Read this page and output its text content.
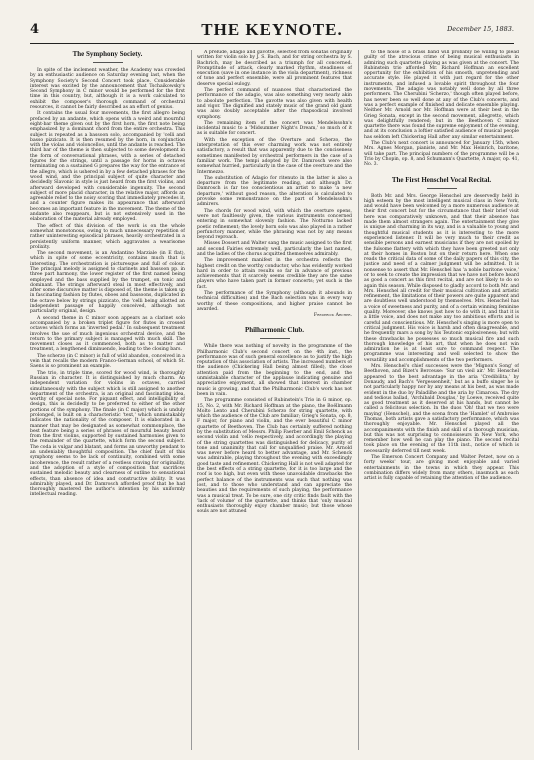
4	THE KEYNOTE.	December 15, 1883.
The Symphony Society.

In spite of the inclement weather, the Academy was crowded by an enthusiastic audience on Saturday evening last, when the Symphony Society's Second Concert took place. Considerable interest was excited by the announcement that Tschaikowsky's Second Symphony in C minor would be performed for the first time in this country, but, although it is a work calculated to exhibit the composer's thorough command of orchestral resources, it cannot be fairly described as an effort of genius.

It contains the usual four movements, the first allegro being prefaced by an andante, which opens with a weird and mournful eight-bar theme given out by the first horn, the first note being emphasized by a dominant chord from the entire orchestra. This subject is repeated as a bassoon solo, accompanied by 'celli and basso pizzicato. It is then resumed by the horn, in conjunction with the violas and violoncellos, until the andante is reached. The third bar of the theme is then subjected to some development in the form of conversational phrases, with a series of detached figures for the strings, until a passage for horns in octaves terminating on a sustained G prepares the way for the entrance of the allegro, which is ushered in by a few detached phrases for the wood wind, and the principal subject of quite character and decidedly Slavonic in style is just heard from the first violins, and afterward developed with considerable ingenuity. The second subject of more placid character, in the relative major, affords an agreeable relief to the noisy scoring that immediately precedes it, and a counter figure makes its appearance that afterward becomes an important feature in the movement. The theme of the andante also reappears, but is not extensively used in the elaboration of the material already employed.

The effect of this division of the work is on the whole somewhat monotonous, owing to much unnecessary repetition of rather uninteresting episodical phrases, heavily orchestrated in a persistently uniform manner, which aggravates a wearisome prolixity.

The second movement, is an Andantino Marziale (in E flat), which in spite of some eccentricity, contains much that is interesting. The orchestration is picturesque and full of colour. The principal melody is assigned to clarinets and bassoon pp. in three part harmony, the lower register of the first named being employed and the bass supplied by the trumpet, on tonic and dominant. The strings afterward steal in most effectively, and after some discursive matter is disposed of, the theme is taken up in fascinating fashion by flutes, oboes and bassoons, duplicated in the octave below by strings pizzicato, the 'celli being allotted an independent passage of happily conceived, although not particularly original, design.

A second theme in C minor soon appears as a clarinet solo accompanied by a broken triplet figure for flutes in crossed octaves which forms an 'inverted pedal.' In subsequent treatment involves the use of much ingenious orchestral device, and the return to the primary subject is managed with much skill. The movement closes as it commenced, both as to matter and treatment, a lengthened diminuendo, leading to the closing bars.

The scherzo (in C minor) is full of wild abandon, conceived in a vein that recalls the modern Franco-German school, of which St. Saens is so prominent an example.

The trio, in triple time, scored for wood wind, is thoroughly Russian in character. It is distinguished by much charm. An independent variation for violins in octaves, carried simultaneously with the subject which is still assigned to another department of the orchestra, is an original and fascinating idea, worthy of special note. For piquant effect, and intelligibility of design, this is decidedly to be preferred to either of the other portions of the symphony. The finale (in C major) which is unduly prolonged, is built on a characteristic 'text,' which unmistakably indicates the nationality of the composer. It is elaborated in a manner that may be designated as somewhat commonplace, the best feature being a series of phrases of mournful beauty heard from the first violins, supported by sustained harmonies given to the remainder of the quartette, which form the second subject. The coda is vulgar and blatant, and forms an unworthy pendant to an undeniably thoughtful composition. The chief fault of this symphony seems to be lack of continuity, combined with some incoherence, the result rather of a restless craving for originality, and the adoption of a style of composition that sacrifices sustained melodic beauty and clearness of outline to sensational effects, than absence of idea and constructive ability. It was admirably played, and Dr. Damrosch afforded proof that he had thoroughly mastered the author's intention by his uniformly intellectual reading.

A prelude, adagio and gavotte, selected from sonatas originally written for violin solo by J. S. Bach, and for string orchestra by S. Bachrich, may be described as a triumph for all concerned. Promptitude of attack, clearly marked rhythm, steadiness of execution (save in one instance in the viola department), richness of tone and perfect ensemble, were all prominent features that deserve special eulogy.

The perfect command of nuances that characterized the performance of the adagio, was also something very nearly akin to absolute perfection. The gavotte was also given with health and vigor. The dignified and stately music of the grand old giant was also doubly acceptable after the rhapsodical involved symphony.

The remaining item of the concert was Mendelssohn's incidental music to a 'Midsummer Night's Dream,' so much of it as is suitable for concert.

With the exception of the Overture and Scherzo, the interpretation of this ever charming work was not entirely satisfactory, a result that was apparently due to the conciseness sometimes manifested by orchestral performers in the case of a familiar work. The tempi adopted by Dr. Damrosch were also somewhat hurried, particularly in the case of the overture and the Intermezzo.

The substitution of Adagio for ritenuto in the latter is also a departure from the legitimate reading, and although Dr. Damrosch is far too conscientious an artist to make 'a new departure,' without good reason, the alteration is calculated to provoke some remonstrance on the part of Mendelssohn's admirers.

The chords for wood wind, with which the overture opens, were not faultlessly given, the various instruments concerned entering in somewhat slovenly fashion. The Notturno lacked poetic refinement; the lovely horn solo was also played in a rather perfunctory manner, while the phrasing was not by any means beyond reproach.

Misses Dossert and Walter sang the music assigned to the first and second Fairies extremely well, particularly the last named, and the ladies of the chorus acquitted themselves admirably.

The improvement manifest in the orchestra reflects the highest credit on the worthy conductor, who has evidently worked hard in order to attain results so far in advance of previous achievements that it scarcely seems credible they are the same players who have taken part in former concerts; yet such is the fact.

The performance of the Symphony (although it abounds in technical difficulties) and the Bach selection was in every way worthy of these compositions, and higher praise cannot be awarded.

Frederick Archer.
Philharmonic Club.

While there was nothing of novelty in the programme of the Philharmonic Club's second concert on the 4th inst., the performance was of such general excellence as to justify the high reputation of this association of artists. The increased numbers of the audience (Chickering Hall being almost filled), the close attention paid from the beginning to the end, and the unmistakable character of the applause indicating genuine and appreciative enjoyment, all showed that interest in chamber music is growing, and that the Philharmonic Club's work has not been in vain.

The programme consisted of Rubinstein's Trio in G minor, op. 15, No. 2, with Mr. Richard Hoffman at the piano, the Boëllmann Molto Lento and Cherubini Scherzo for string quartette, with which the audience of the Club are familiar; Grieg's Sonata, op. 8, F major, for piano and violin, and the ever beautiful C minor quartette of Beethoven. The Club has certainly suffered nothing by the substitution of Messrs. Philip Faerber and Emil Schenck as second violin and 'cello respectively, and accordingly the playing of the string quartettes was distinguished for delicacy, purity of tone and unanimity that call for unqualified praise. Mr. Arnold was never before heard to better advantage, and Mr. Schenck was admirable, playing throughout the evening with exceedingly good taste and refinement. Chickering Hall is not well adapted for the best effects of a string quartette, for it is too large and the roof is too high, but even with these unavoidable drawbacks the perfect balance of the instruments was such that nothing was lost, and to those who understand and can appreciate the beauties and the requirements of such playing, the performance was a musical treat. To be sure, one city critic finds fault with the 'lack of volume' of the quartette, and thinks that 'only musical enthusiasts thoroughly enjoy chamber music; but those whose souls are not attuned

to the noise of a brass band will probably be willing to plead guilty of the atrocious crime of being musical enthusiasts in admiring such quartette playing as was given at the concert. The Rubinstein trio afforded Mr. Richard Hoffman an excellent opportunity for the exhibition of his smooth, unpretending and accurate style. He played it with just regard for the other instruments, and infused a lovable spirit throughout the four movements. The adagio was notably well done by all three performers. The Cherubini 'Scherzo,' though often played before, has never been so well done at any of the Club's concerts, and was a perfect example of finished and delicate ensemble playing. Neither Mr. Arnold nor Mr. Hoffman were at their best in the Grieg Sonata, except in the second movement, allegretto, which was delightfully rendered; but in the Beethoven C minor quartette there was found the supreme enjoyment of the evening, and at its conclusion a loftier satisfied audience of musical people has seldom left Chickering Hall after any similar entertainment.

The Club's next concert is announced for January 15th, when Mrs. Agnes Morgan, pianiste, and Mr. Max Heinrich, baritone, will take part. The principal numbers of the programme will be a Trio by Chopin, op. 8, and Schumann's Quartette, A major, op. 41, No. 3.

The First Henschel Vocal Recital.

Both Mr. and Mrs. George Henschel are deservedly held in high esteem by the most intelligent musical class in New York, and would have been welcomed by a more numerous audience at their first concert but for the circumstance that their brief visit here was comparatively unknown, and that their absence has made them almost strangers again. The entertainment they give is unique and charming in its way, and is a valuable to young and thoughtful musical students as it is interesting to the more experienced listener. It will be very much to their credit as sensible persons and earnest musicians if they are not spoiled by the fulsome flattery with which they have been greeted not only at their homes in Boston but on their return here. When one reads the critical data of some of the daily papers of this city, the justice and need of a calmer judgment will be admitted. It is nonsense to assert that Mr. Henschel has 'a noble baritone voice,' or to seek to create the impression that we have not before heard as good a concert as this first recital, and are not likely to do so again this season. While disposed to gladly accord to both Mr. and Mrs. Henschel all credit for their musical cultivation and artistic refinement, the limitations of their powers are quite apparent and are doubtless well understood by themselves. Mrs. Henschel has a voice of sweetness and purity, and of a certain winning feminine quality. Moreover, she knows just how to do with it, and that it is a little voice, and does not make any too ambitious efforts and is careful and conscientious. Mr. Henschel's singing is more open to critical judgment. His voice is harsh and often disagreeable, and he frequently mars a song by his Teutonic explosiveness; but with these drawbacks he possesses so much musical fire and such thorough knowledge of his art, that when he does not win admiration he is at least sure to command respect. The programme was interesting and well selected to show the versatility and accomplishments of the two performers.

Mrs. Henschel's chief successes were the 'Mignon's Song' of Beethoven, and Bizet's Berceuse: 'Sur un vieil air.' Mr. Henschel appeared to the best advantage in the aria 'Credibilita,' by Donaudy, and Bach's 'Vergessenheit,' but as a buffo singer he is not particularly happy nor by any means at his best, as was made evident in the duo by Paladilhe and the aria by Cimarosa. The dry and tedious ballad, 'Archibald Douglas,' by Loewe, received quite as good treatment as it deserved at his hands, but cannot be called a felicitous selection. In the duos 'Oh! that we two were maying' (Henschel), and the scena from the 'Hamlet' of Ambroise Thomas, both artists gave a satisfactory performance, which was thoroughly enjoyable. Mr. Henschel played all the accompaniments with the finish and skill of a thorough musician, but this was not surprising to connoisseurs in New York, who remember how well he can play the piano. The second recital took place on the evening of the 11th inst., notice of which is necessarily deferred till next week.

The Emerson Concert Company and Walter Petzet, now on a forty weeks' tour, are giving most enjoyable and varied entertainments in the towns in which they appear. This combination differs widely from many others, inasmuch as each artist is fully capable of retaining the attention of the audience.
